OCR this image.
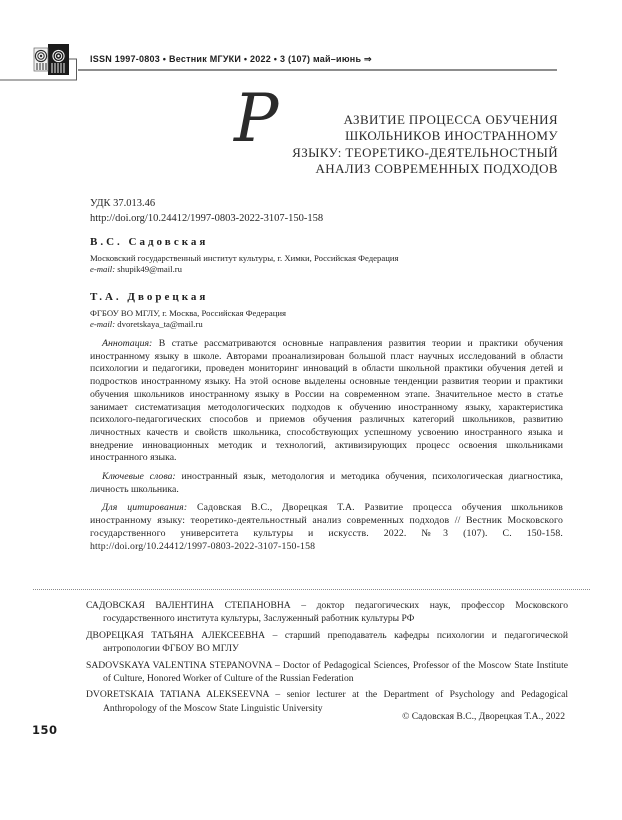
ISSN 1997-0803 • Вестник МГУКИ • 2022 • 3 (107) май–июнь ⇒
Р	АЗВИТИЕ ПРОЦЕССА ОБУЧЕНИЯ
ШКОЛЬНИКОВ ИНОСТРАННОМУ
ЯЗЫКУ: ТЕОРЕТИКО-ДЕЯТЕЛЬНОСТНЫЙ
АНАЛИЗ СОВРЕМЕННЫХ ПОДХОДОВ
УДК 37.013.46
http://doi.org/10.24412/1997-0803-2022-3107-150-158
В.С. Садовская
Московский государственный институт культуры, г. Химки, Российская Федерация
e-mail: shupik49@mail.ru
Т.А. Дворецкая
ФГБОУ ВО МГЛУ, г. Москва, Российская Федерация
e-mail: dvoretskaya_ta@mail.ru

Аннотация: В статье рассматриваются основные направления развития теории и практики обучения иностранному языку в школе. Авторами проанализирован большой пласт научных исследований в области психологии и педагогики, проведен мониторинг инноваций в области школьной практики обучения детей и подростков иностранному языку. На этой основе выделены основные тенденции развития теории и практики обучения школьников иностранному языку в России на современном этапе. Значительное место в статье занимает систематизация методологических подходов к обучению иностранному языку, характеристика психолого-педагогических способов и приемов обучения различных категорий школьников, развитию личностных качеств и свойств школьника, способствующих успешному усвоению иностранного языка и внедрение инновационных методик и технологий, активизирующих процесс освоения школьниками иностранного языка.

Ключевые слова: иностранный язык, методология и методика обучения, психологическая диагностика, личность школьника.

Для цитирования: Садовская В.С., Дворецкая Т.А. Развитие процесса обучения школьников иностранному языку: теоретико-деятельностный анализ современных подходов // Вестник Московского государственного университета культуры и искусств. 2022. №3 (107). С. 150-158. http://doi.org/10.24412/1997-0803-2022-3107-150-158

САДОВСКАЯ ВАЛЕНТИНА СТЕПАНОВНА – доктор педагогических наук, профессор Московского государственного института культуры, Заслуженный работник культуры РФ

ДВОРЕЦКАЯ ТАТЬЯНА АЛЕКСЕЕВНА – старший преподаватель кафедры психологии и педагогической антропологии ФГБОУ ВО МГЛУ

SADOVSKAYA VALENTINA STEPANOVNA – Doctor of Pedagogical Sciences, Professor of the Moscow State Institute of Culture, Honored Worker of Culture of the Russian Federation

DVORETSKAIA TATIANA ALEKSEEVNA – senior lecturer at the Department of Psychology and Pedagogical Anthropology of the Moscow State Linguistic University

© Садовская В.С., Дворецкая Т.А., 2022
150
